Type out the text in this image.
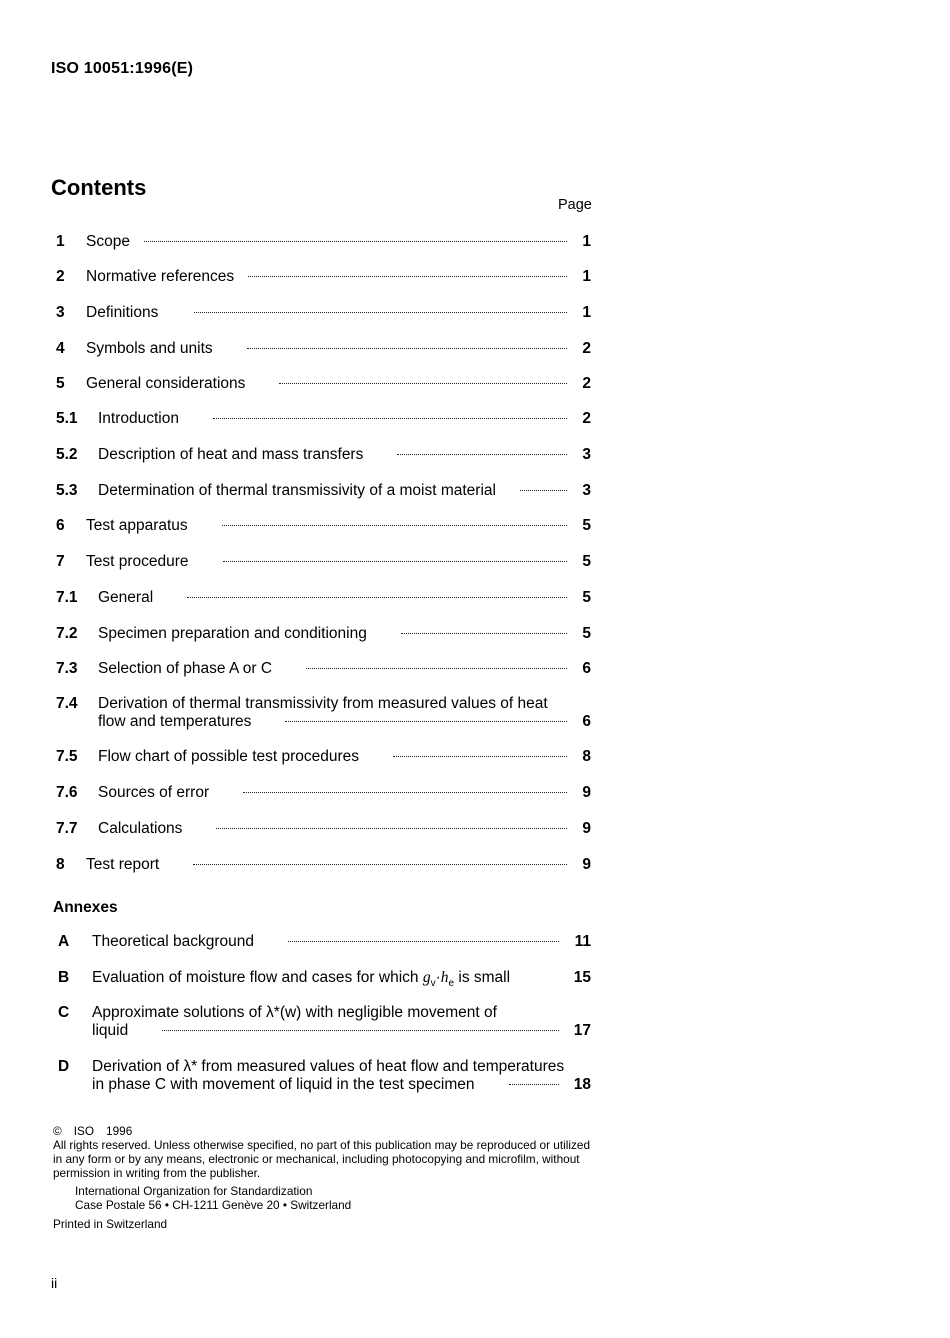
ISO 10051:1996(E)
Contents
Page
1 Scope	1
2 Normative references	1
3 Definitions	1
4 Symbols and units	2
5 General considerations	2
5.1 Introduction	2
5.2 Description of heat and mass transfers	3
5.3 Determination of thermal transmissivity of a moist material	3
6 Test apparatus	5
7 Test procedure	5
7.1 General	5
7.2 Specimen preparation and conditioning	5
7.3 Selection of phase A or C	6
7.4 Derivation of thermal transmissivity from measured values of heat
flow and temperatures	6
7.5 Flow chart of possible test procedures	8
7.6 Sources of error	9
7.7 Calculations	9
8 Test report	9
Annexes
A Theoretical background	11
B Evaluation of moisture flow and cases for which $g_v\cdot h_e$ is small	15
C Approximate solutions of λ*(w) with negligible movement of
liquid	17
D Derivation of λ* from measured values of heat flow and temperatures
in phase C with movement of liquid in the test specimen	18
© ISO 1996
All rights reserved. Unless otherwise specified, no part of this publication may be reproduced or utilized in any form or by any means, electronic or mechanical, including photocopying and microfilm, without permission in writing from the publisher.
International Organization for Standardization
Case Postale 56 • CH-1211 Genève 20 • Switzerland
Printed in Switzerland
ii
